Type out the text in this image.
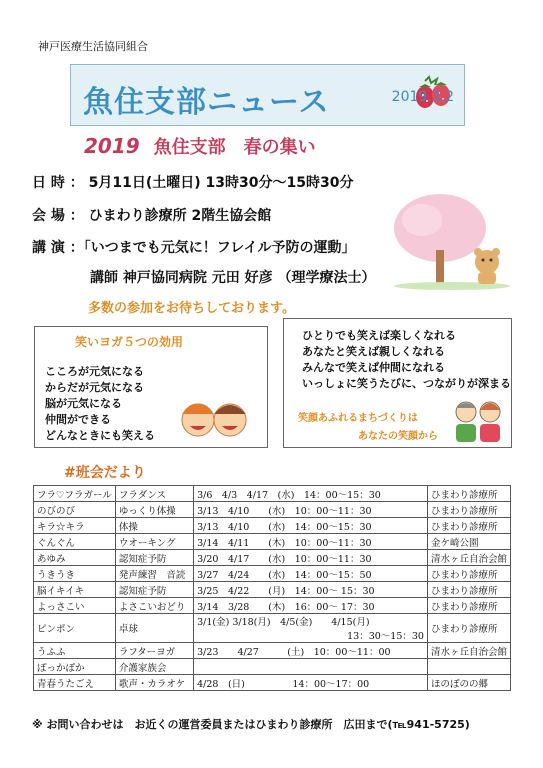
神戸医療生活協同組合
魚住支部ニュース	2019.3.2
2019 魚住支部　春の集い
日 時 ： 5月11日(土曜日) 13時30分～15時30分
会 場 ： ひまわり診療所 2階生協会館
講 演 ：「いつまでも元気に！フレイル予防の運動」
講師 神戸協同病院 元田 好彦 （理学療法士）
多数の参加をお待ちしております。
笑いヨガ５つの効用
こころが元気になる
からだが元気になる
脳が元気になる
仲間ができる
どんなときにも笑える
ひとりでも笑えば楽しくなれる
あなたと笑えば親しくなれる
みんなで笑えば仲間になれる
いっしょに笑うたびに、つながりが深まる
笑顔あふれるまちづくりは
あなたの笑顔から
#班会だより
フラ♡フラガール	フラダンス	3/6　4/3　4/17　(水)　14：00～15：30	ひまわり診療所
のびのび	ゆっくり体操	3/13　4/10　　(水)　10：00～11：30	ひまわり診療所
キラ☆キラ	体操	3/13　4/10　　(水)　14：00～15：30	ひまわり診療所
ぐんぐん	ウオーキング	3/14　4/11　　(木)　10：00～11：30	金ケ崎公園
あゆみ	認知症予防	3/20　4/17　　(水)　10：00～11：30	清水ヶ丘自治会館
うきうき	発声練習　音読	3/27　4/24　　(水)　14：00～15：50	ひまわり診療所
脳イキイキ	認知症予防	3/25　4/22　　(月)　14：00～ 15：30	ひまわり診療所
よっさこい	よさこいおどり	3/14　3/28　　(木)　16：00～ 17：30	ひまわり診療所
ピンポン	卓球	3/1(金) 3/18(月)　4/5(金)　　4/15(月)
13：30～15：30	ひまわり診療所
うふふ	ラフターヨガ	3/23　　4/27　　　(土)　10：00～11：00	清水ヶ丘自治会館
ぽっかぽか	介護家族会	

青春うたごえ	歌声・カラオケ	4/28　(日)　　　　　14：00～17：00	ほのぼのの郷
※ お問い合わせは　お近くの運営委員またはひまわり診療所　広田まで(℡941-5725)
